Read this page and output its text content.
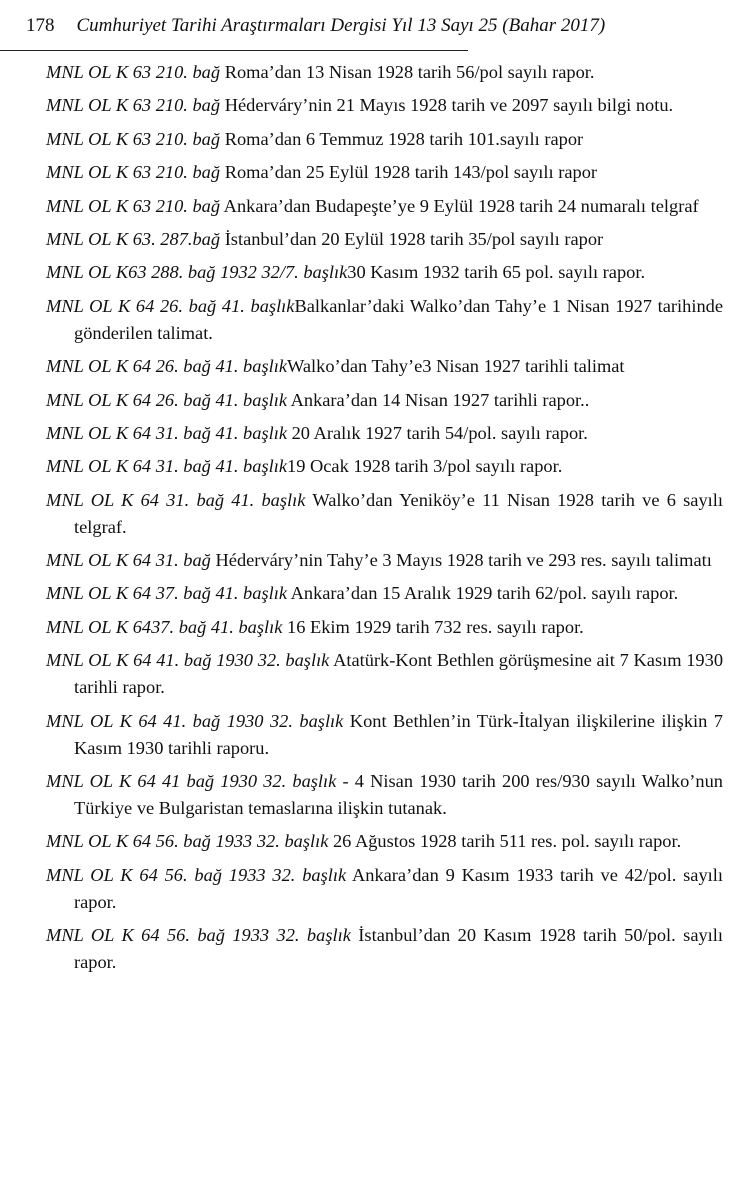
178 Cumhuriyet Tarihi Araştırmaları Dergisi Yıl 13 Sayı 25 (Bahar 2017)
MNL OL K 63 210. bağ Roma’dan 13 Nisan 1928 tarih 56/pol sayılı rapor.
MNL OL K 63 210. bağ Héderváry’nin 21 Mayıs 1928 tarih ve 2097 sayılı bilgi notu.
MNL OL K 63 210. bağ Roma’dan 6 Temmuz 1928 tarih 101.sayılı rapor
MNL OL K 63 210. bağ Roma’dan 25 Eylül 1928 tarih 143/pol sayılı rapor
MNL OL K 63 210. bağ Ankara’dan Budapeşte’ye 9 Eylül 1928 tarih 24 numaralı telgraf
MNL OL K 63. 287.bağ İstanbul’dan 20 Eylül 1928 tarih 35/pol sayılı rapor
MNL OL K63 288. bağ 1932 32/7. başlık30 Kasım 1932 tarih 65 pol. sayılı rapor.
MNL OL K 64 26. bağ 41. başlıkBalkanlar’daki Walko’dan Tahy’e 1 Nisan 1927 tarihinde gönderilen talimat.
MNL OL K 64 26. bağ 41. başlıkWalko’dan Tahy’e3 Nisan 1927 tarihli talimat
MNL OL K 64 26. bağ 41. başlık Ankara’dan 14 Nisan 1927 tarihli rapor..
MNL OL K 64 31. bağ 41. başlık 20 Aralık 1927 tarih 54/pol. sayılı rapor.
MNL OL K 64 31. bağ 41. başlık19 Ocak 1928 tarih 3/pol sayılı rapor.
MNL OL K 64 31. bağ 41. başlık Walko’dan Yeniköy’e 11 Nisan 1928 tarih ve 6 sayılı telgraf.
MNL OL K 64 31. bağ Héderváry’nin Tahy’e 3 Mayıs 1928 tarih ve 293 res. sayılı talimatı
MNL OL K 64 37. bağ 41. başlık Ankara’dan 15 Aralık 1929 tarih 62/pol. sayılı rapor.
MNL OL K 6437. bağ 41. başlık 16 Ekim 1929 tarih 732 res. sayılı rapor.
MNL OL K 64 41. bağ 1930 32. başlık Atatürk-Kont Bethlen görüşmesine ait 7 Kasım 1930 tarihli rapor.
MNL OL K 64 41. bağ 1930 32. başlık Kont Bethlen’in Türk-İtalyan ilişkilerine ilişkin 7 Kasım 1930 tarihli raporu.
MNL OL K 64 41 bağ 1930 32. başlık - 4 Nisan 1930 tarih 200 res/930 sayılı Walko’nun Türkiye ve Bulgaristan temaslarına ilişkin tutanak.
MNL OL K 64 56. bağ 1933 32. başlık 26 Ağustos 1928 tarih 511 res. pol. sayılı rapor.
MNL OL K 64 56. bağ 1933 32. başlık Ankara’dan 9 Kasım 1933 tarih ve 42/pol. sayılı rapor.
MNL OL K 64 56. bağ 1933 32. başlık İstanbul’dan 20 Kasım 1928 tarih 50/pol. sayılı rapor.
